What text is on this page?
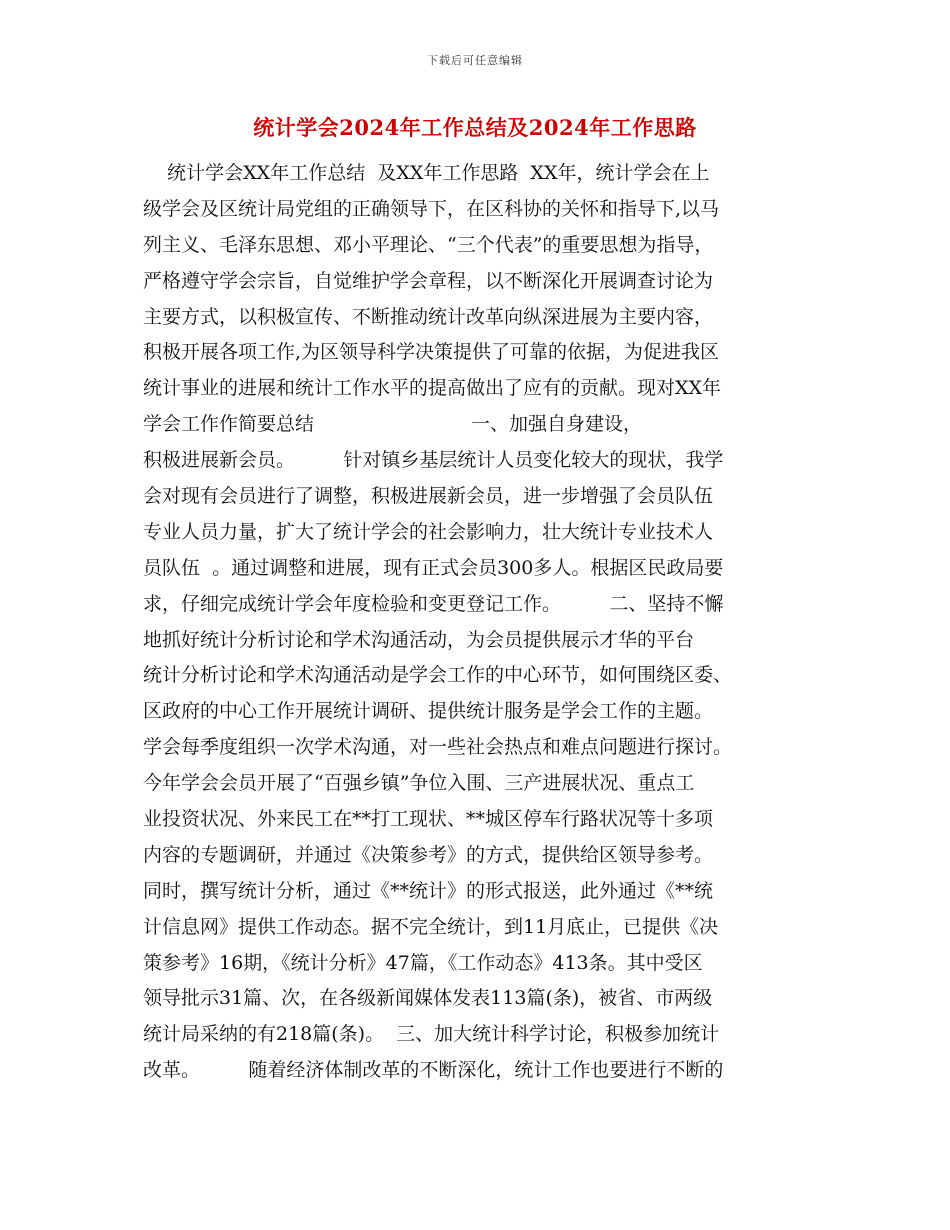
下载后可任意编辑
统计学会2024年工作总结及2024年工作思路
统计学会XX年工作总结  及XX年工作思路  XX年，统计学会在上
级学会及区统计局党组的正确领导下，在区科协的关怀和指导下,以马
列主义、毛泽东思想、邓小平理论、“三个代表”的重要思想为指导，
严格遵守学会宗旨，自觉维护学会章程，以不断深化开展调查讨论为
主要方式，以积极宣传、不断推动统计改革向纵深进展为主要内容，
积极开展各项工作,为区领导科学决策提供了可靠的依据，为促进我区
统计事业的进展和统计工作水平的提高做出了应有的贡献。现对XX年
学会工作作简要总结                          一、加强自身建设，
积极进展新会员。        针对镇乡基层统计人员变化较大的现状，我学
会对现有会员进行了调整，积极进展新会员，进一步增强了会员队伍
专业人员力量，扩大了统计学会的社会影响力，壮大统计专业技术人
员队伍  。通过调整和进展，现有正式会员300多人。根据区民政局要
求，仔细完成统计学会年度检验和变更登记工作。        二、坚持不懈
地抓好统计分析讨论和学术沟通活动，为会员提供展示才华的平台
统计分析讨论和学术沟通活动是学会工作的中心环节，如何围绕区委、
区政府的中心工作开展统计调研、提供统计服务是学会工作的主题。
学会每季度组织一次学术沟通，对一些社会热点和难点问题进行探讨。
今年学会会员开展了“百强乡镇”争位入围、三产进展状况、重点工
业投资状况、外来民工在**打工现状、**城区停车行路状况等十多项
内容的专题调研，并通过《决策参考》的方式，提供给区领导参考。
同时，撰写统计分析，通过《**统计》的形式报送，此外通过《**统
计信息网》提供工作动态。据不完全统计，到11月底止，已提供《决
策参考》16期，《统计分析》47篇，《工作动态》413条。其中受区
领导批示31篇、次，在各级新闻媒体发表113篇(条)，被省、市两级
统计局采纳的有218篇(条)。  三、加大统计科学讨论，积极参加统计
改革。        随着经济体制改革的不断深化，统计工作也要进行不断的
